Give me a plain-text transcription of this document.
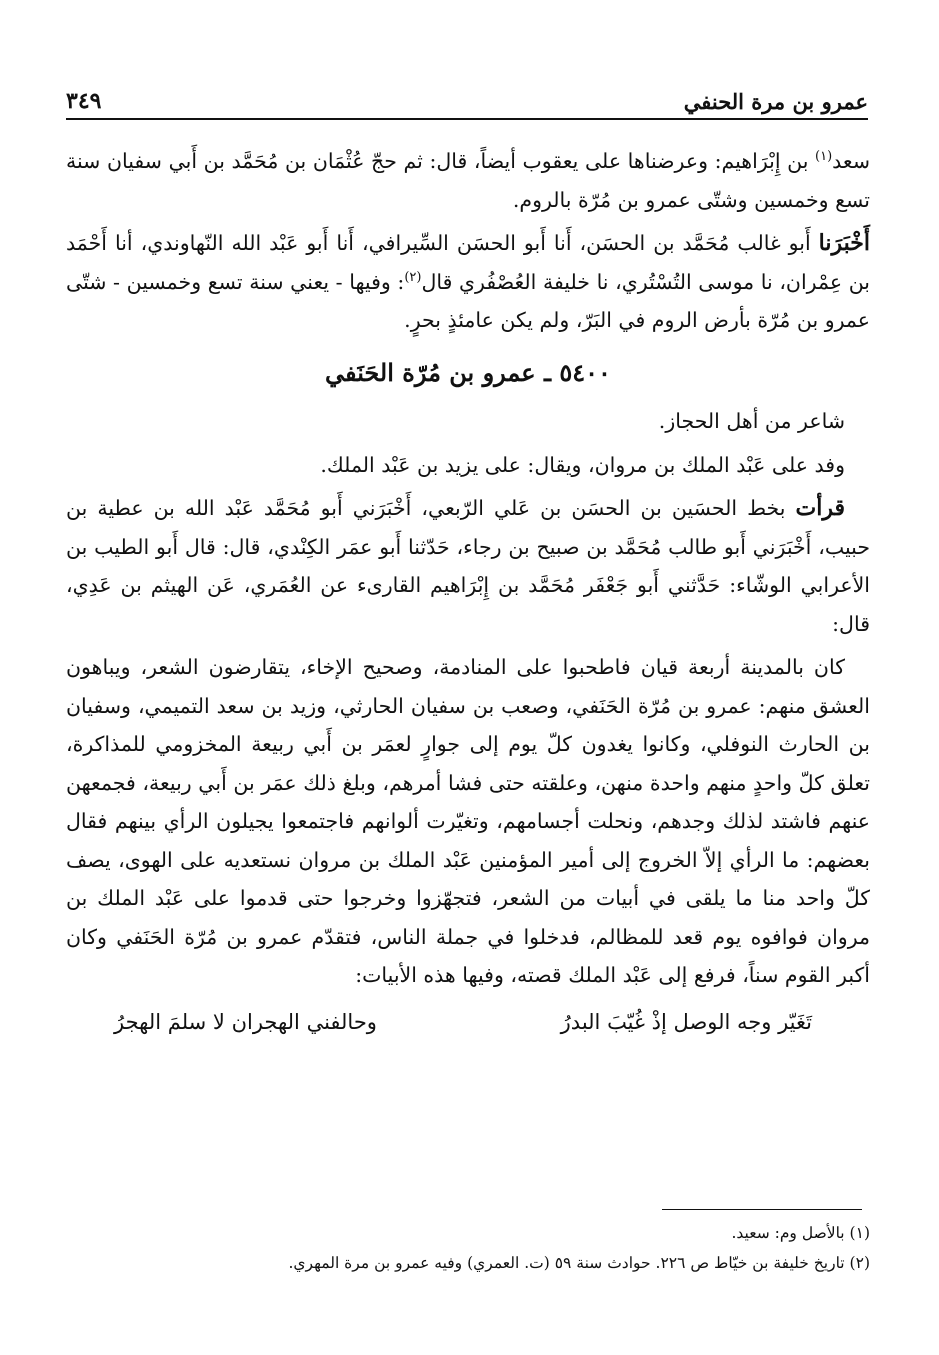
عمرو بن مرة الحنفي
٣٤٩

سعد$^{(١)}$ بن إِبْرَاهيم: وعرضناها على يعقوب أيضاً، قال: ثم حجّ عُثْمَان بن مُحَمَّد بن أَبي سفيان سنة تسع وخمسين وشتّى عمرو بن مُرّة بالروم.

أَخْبَرَنا أَبو غالب مُحَمَّد بن الحسَن، أَنا أَبو الحسَن السِّيرافي، أَنا أَبو عَبْد الله النّهاوندي، أنا أَحْمَد بن عِمْران، نا موسى التُسْتُري، نا خليفة العُصْفُري قال$^{(٢)}$: وفيها - يعني سنة تسع وخمسين - شتّى عمرو بن مُرّة بأرض الروم في البَرّ، ولم يكن عامئذٍ بحرٍ.

٥٤٠٠ ـ عمرو بن مُرّة الحَنَفي

شاعر من أهل الحجاز.

وفد على عَبْد الملك بن مروان، ويقال: على يزيد بن عَبْد الملك.

قرأت بخط الحسَين بن الحسَن بن عَلي الرّبعي، أَخْبَرَني أَبو مُحَمَّد عَبْد الله بن عطية بن حبيب، أَخْبَرَني أَبو طالب مُحَمَّد بن صبيح بن رجاء، حَدّثنا أَبو عمَر الكِنْدي، قال: قال أَبو الطيب بن الأعرابي الوشّاء: حَدَّثني أَبو جَعْفَر مُحَمَّد بن إِبْرَاهيم القارىء عن العُمَري، عَن الهيثم بن عَدِي، قال:

كان بالمدينة أربعة قيان فاطحبوا على المنادمة، وصحيح الإخاء، يتقارضون الشعر، ويباهون العشق منهم: عمرو بن مُرّة الحَنَفي، وصعب بن سفيان الحارثي، وزيد بن سعد التميمي، وسفيان بن الحارث النوفلي، وكانوا يغدون كلّ يوم إلى جوارٍ لعمَر بن أَبي ربيعة المخزومي للمذاكرة، تعلق كلّ واحدٍ منهم واحدة منهن، وعلقته حتى فشا أمرهم، وبلغ ذلك عمَر بن أَبي ربيعة، فجمعهن عنهم فاشتد لذلك وجدهم، ونحلت أجسامهم، وتغيّرت ألوانهم فاجتمعوا يجيلون الرأي بينهم فقال بعضهم: ما الرأي إلاّ الخروج إلى أمير المؤمنين عَبْد الملك بن مروان نستعديه على الهوى، يصف كلّ واحد منا ما يلقى في أبيات من الشعر، فتجهّزوا وخرجوا حتى قدموا على عَبْد الملك بن مروان فوافوه يوم قعد للمظالم، فدخلوا في جملة الناس، فتقدّم عمرو بن مُرّة الحَنَفي وكان أكبر القوم سناً، فرفع إلى عَبْد الملك قصته، وفيها هذه الأبيات:

تَغَيّر وجه الوصل إذْ غُيّبَ البدرُ
وحالفني الهجران لا سلمَ الهجرُ
(١) بالأصل وم: سعيد.
(٢) تاريخ خليفة بن خيّاط ص ٢٢٦. حوادث سنة ٥٩ (ت. العمري) وفيه عمرو بن مرة المهري.
